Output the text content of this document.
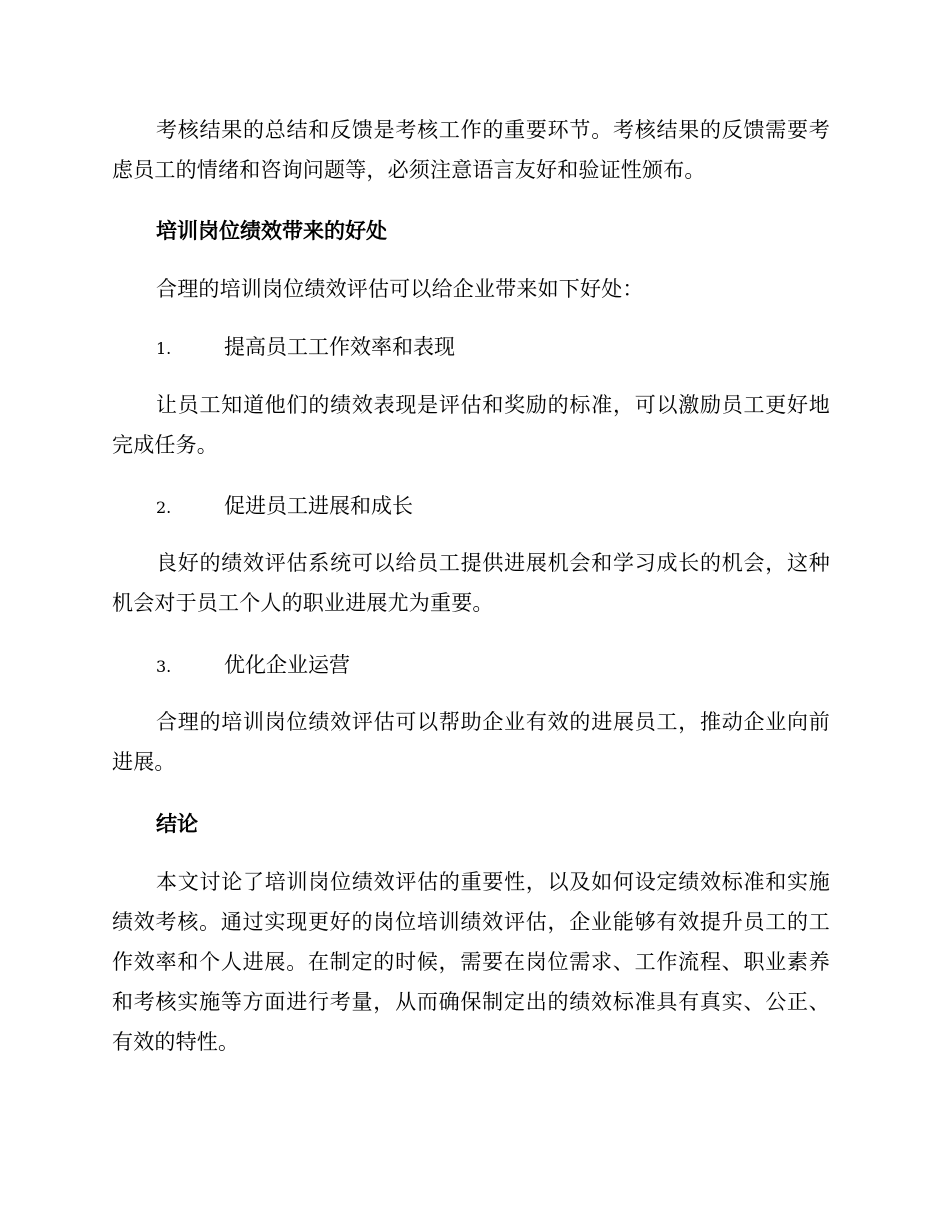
考核结果的总结和反馈是考核工作的重要环节。考核结果的反馈需要考虑员工的情绪和咨询问题等，必须注意语言友好和验证性颁布。

培训岗位绩效带来的好处

合理的培训岗位绩效评估可以给企业带来如下好处：

1.	提高员工工作效率和表现

让员工知道他们的绩效表现是评估和奖励的标准，可以激励员工更好地完成任务。

2.	促进员工进展和成长

良好的绩效评估系统可以给员工提供进展机会和学习成长的机会，这种机会对于员工个人的职业进展尤为重要。

3.	优化企业运营

合理的培训岗位绩效评估可以帮助企业有效的进展员工，推动企业向前进展。

结论

本文讨论了培训岗位绩效评估的重要性，以及如何设定绩效标准和实施绩效考核。通过实现更好的岗位培训绩效评估，企业能够有效提升员工的工作效率和个人进展。在制定的时候，需要在岗位需求、工作流程、职业素养和考核实施等方面进行考量，从而确保制定出的绩效标准具有真实、公正、有效的特性。
